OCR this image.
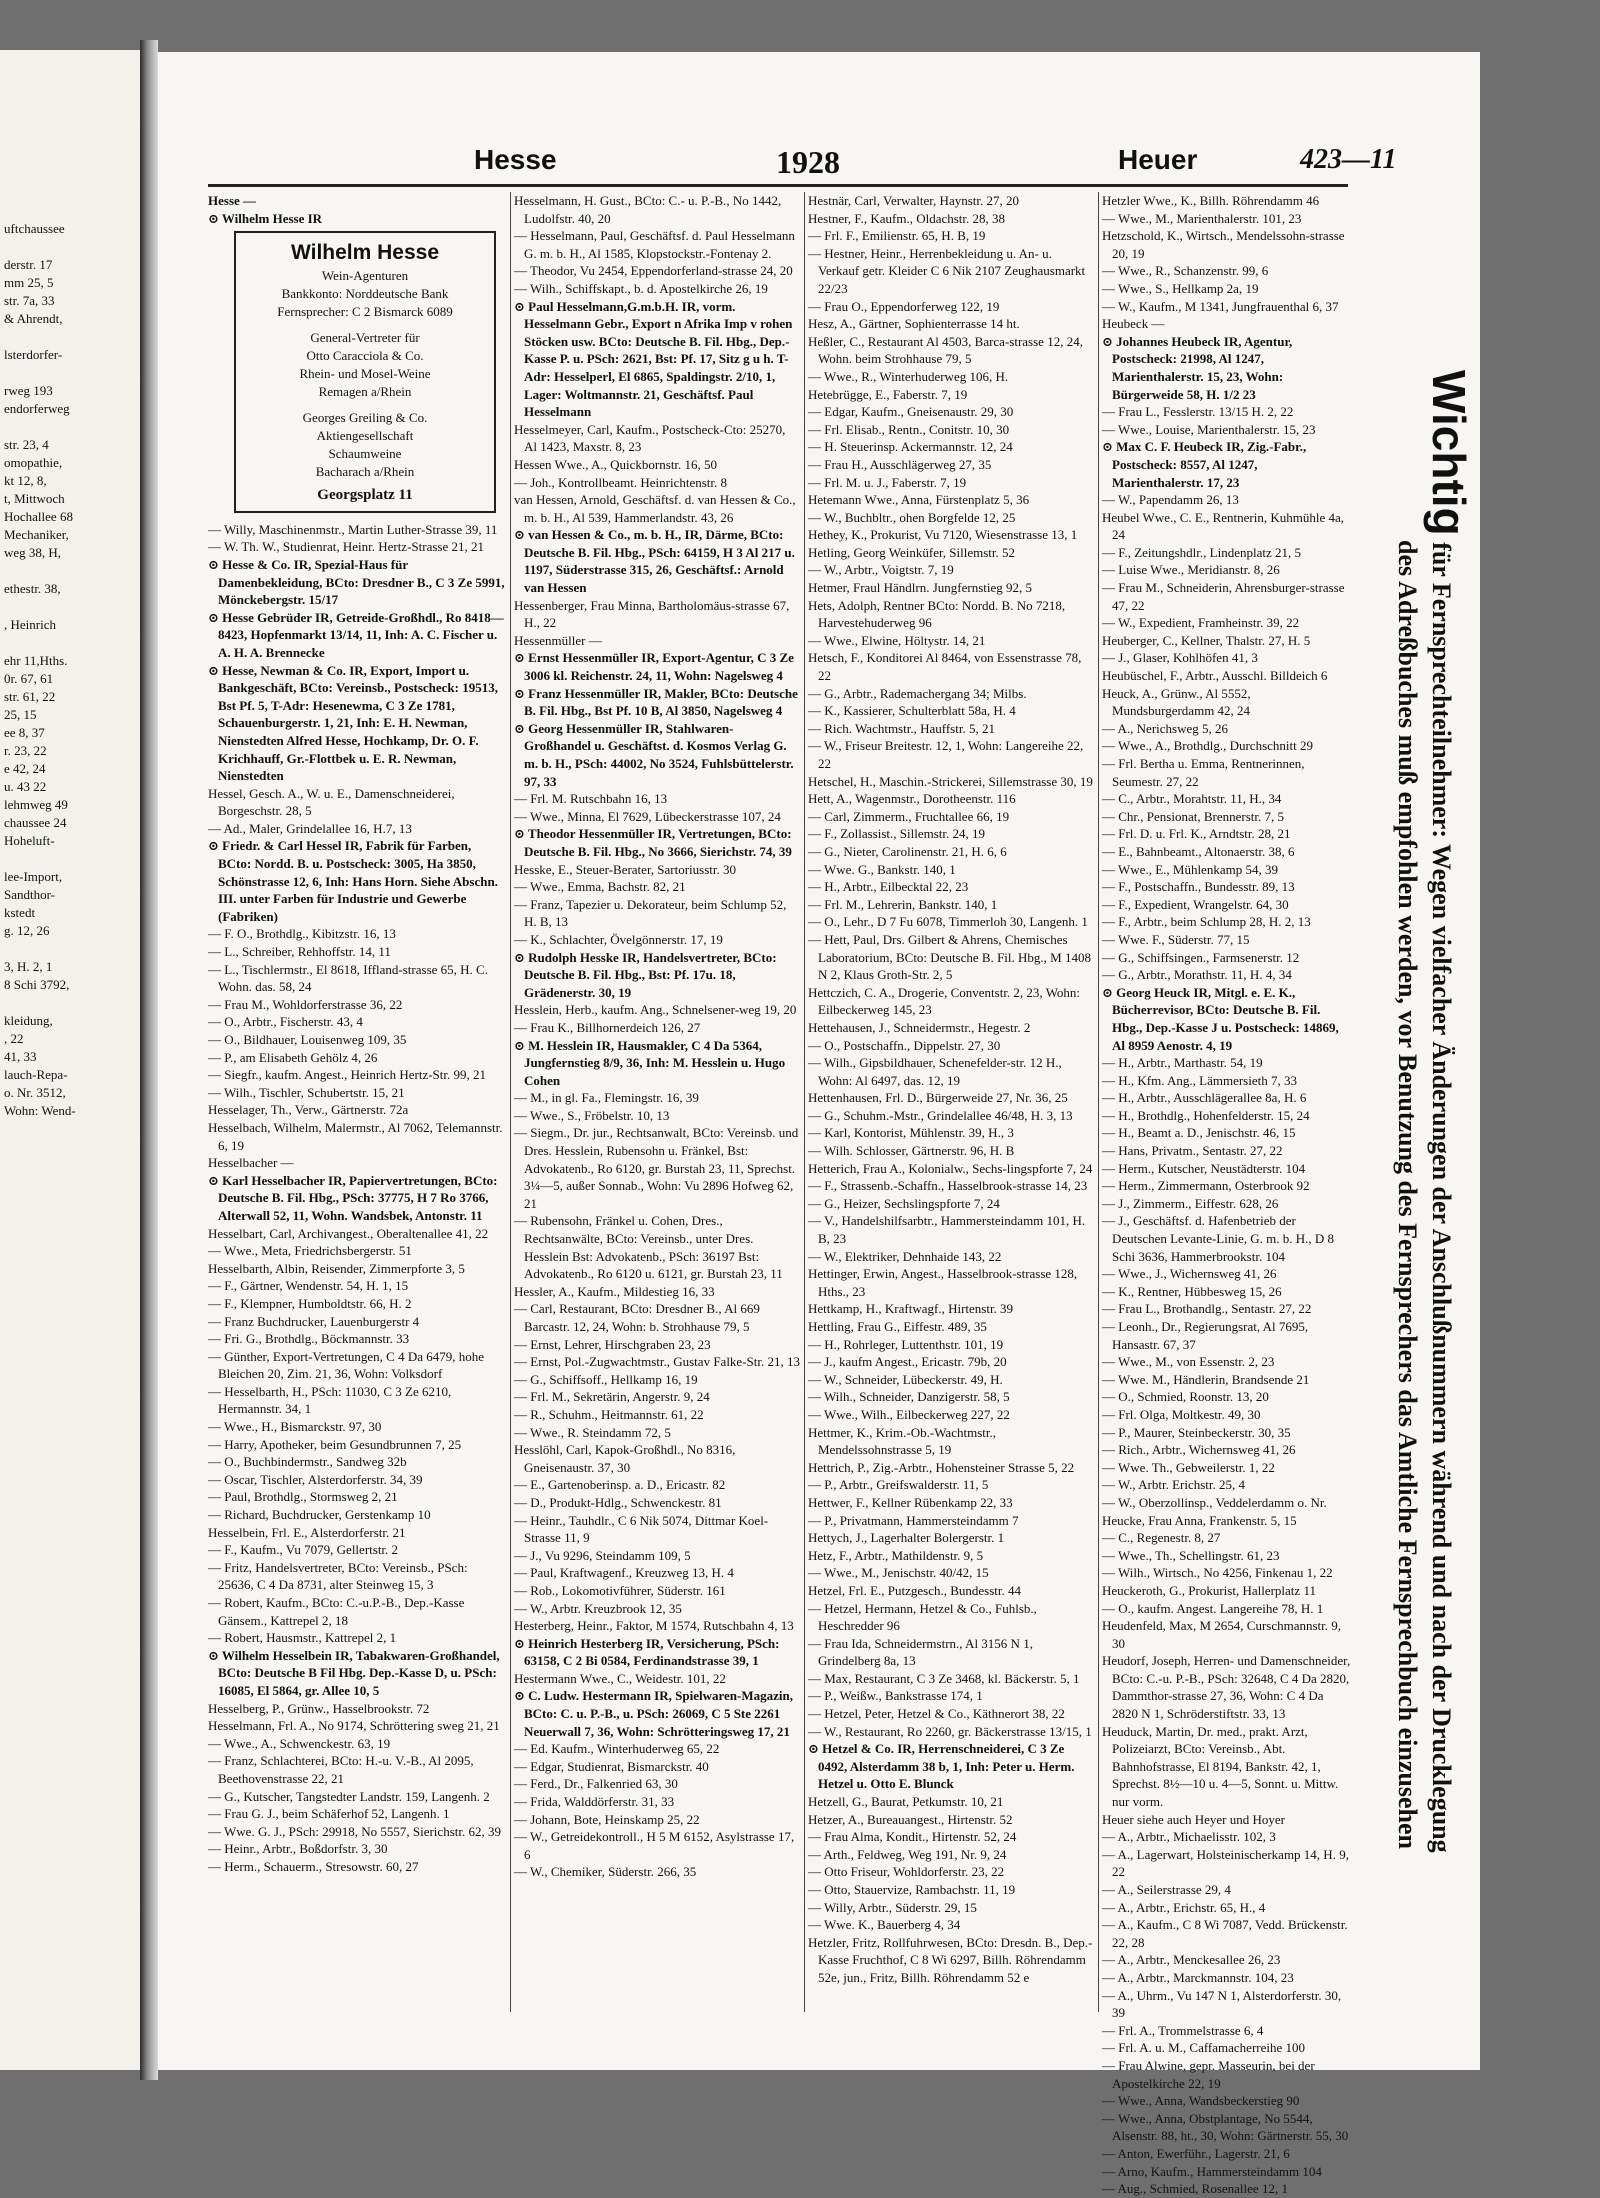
uftchaussee

derstr. 17
mm 25, 5
str. 7a, 33
& Ahrendt,

lsterdorfer-

rweg 193
endorferweg

str. 23, 4
omopathie,
kt 12, 8,
t, Mittwoch
Hochallee 68
Mechaniker,
weg 38, H,

ethestr. 38,

, Heinrich

ehr 11,Hths.
0r. 67, 61
str. 61, 22
25, 15
ee 8, 37
r. 23, 22
e 42, 24
u. 43 22
lehmweg 49
chaussee 24
Hoheluft-

lee-Import,
Sandthor-
kstedt
g. 12, 26

3, H. 2, 1
8 Schi 3792,

kleidung,
, 22
41, 33
lauch-Repa-
o. Nr. 3512,
Wohn: Wend-
Hesse	1928	Heuer	423—11

Hesse —

⊙ Wilhelm Hesse IR

Wilhelm Hesse
Wein-Agenturen
Bankkonto: Norddeutsche Bank
Fernsprecher: C 2 Bismarck 6089
General-Vertreter für
Otto Caracciola & Co.
Rhein- und Mosel-Weine
Remagen a/Rhein
Georges Greiling & Co.
Aktiengesellschaft
Schaumweine
Bacharach a/Rhein
Georgsplatz 11

— Willy, Maschinenmstr., Martin Luther-Strasse 39, 11

— W. Th. W., Studienrat, Heinr. Hertz-Strasse 21, 21

⊙ Hesse & Co. IR, Spezial-Haus für Damenbekleidung, BCto: Dresdner B., C 3 Ze 5991, Mönckebergstr. 15/17

⊙ Hesse Gebrüder IR, Getreide-Großhdl., Ro 8418—8423, Hopfenmarkt 13/14, 11, Inh: A. C. Fischer u. A. H. A. Brennecke

⊙ Hesse, Newman & Co. IR, Export, Import u. Bankgeschäft, BCto: Vereinsb., Postscheck: 19513, Bst Pf. 5, T-Adr: Hesenewma, C 3 Ze 1781, Schauenburgerstr. 1, 21, Inh: E. H. Newman, Nienstedten Alfred Hesse, Hochkamp, Dr. O. F. Krichhauff, Gr.-Flottbek u. E. R. Newman, Nienstedten

Hessel, Gesch. A., W. u. E., Damenschneiderei, Borgeschstr. 28, 5

— Ad., Maler, Grindelallee 16, H.7, 13

⊙ Friedr. & Carl Hessel IR, Fabrik für Farben, BCto: Nordd. B. u. Postscheck: 3005, Ha 3850, Schönstrasse 12, 6, Inh: Hans Horn. Siehe Abschn. III. unter Farben für Industrie und Gewerbe (Fabriken)

— F. O., Brothdlg., Kibitzstr. 16, 13

— L., Schreiber, Rehhoffstr. 14, 11

— L., Tischlermstr., El 8618, Iffland-strasse 65, H. C. Wohn. das. 58, 24

— Frau M., Wohldorferstrasse 36, 22

— O., Arbtr., Fischerstr. 43, 4

— O., Bildhauer, Louisenweg 109, 35

— P., am Elisabeth Gehölz 4, 26

— Siegfr., kaufm. Angest., Heinrich Hertz-Str. 99, 21

— Wilh., Tischler, Schubertstr. 15, 21

Hesselager, Th., Verw., Gärtnerstr. 72a

Hesselbach, Wilhelm, Malermstr., Al 7062, Telemannstr. 6, 19

Hesselbacher —

⊙ Karl Hesselbacher IR, Papiervertretungen, BCto: Deutsche B. Fil. Hbg., PSch: 37775, H 7 Ro 3766, Alterwall 52, 11, Wohn. Wandsbek, Antonstr. 11

Hesselbart, Carl, Archivangest., Oberaltenallee 41, 22

— Wwe., Meta, Friedrichsbergerstr. 51

Hesselbarth, Albin, Reisender, Zimmerpforte 3, 5

— F., Gärtner, Wendenstr. 54, H. 1, 15

— F., Klempner, Humboldtstr. 66, H. 2

— Franz Buchdrucker, Lauenburgerstr 4

— Fri. G., Brothdlg., Böckmannstr. 33

— Günther, Export-Vertretungen, C 4 Da 6479, hohe Bleichen 20, Zim. 21, 36, Wohn: Volksdorf

— Hesselbarth, H., PSch: 11030, C 3 Ze 6210, Hermannstr. 34, 1

— Wwe., H., Bismarckstr. 97, 30

— Harry, Apotheker, beim Gesundbrunnen 7, 25

— O., Buchbindermstr., Sandweg 32b

— Oscar, Tischler, Alsterdorferstr. 34, 39

— Paul, Brothdlg., Stormsweg 2, 21

— Richard, Buchdrucker, Gerstenkamp 10

Hesselbein, Frl. E., Alsterdorferstr. 21

— F., Kaufm., Vu 7079, Gellertstr. 2

— Fritz, Handelsvertreter, BCto: Vereinsb., PSch: 25636, C 4 Da 8731, alter Steinweg 15, 3

— Robert, Kaufm., BCto: C.-u.P.-B., Dep.-Kasse Gänsem., Kattrepel 2, 18

— Robert, Hausmstr., Kattrepel 2, 1

⊙ Wilhelm Hesselbein IR, Tabakwaren-Großhandel, BCto: Deutsche B Fil Hbg. Dep.-Kasse D, u. PSch: 16085, El 5864, gr. Allee 10, 5

Hesselberg, P., Grünw., Hasselbrookstr. 72

Hesselmann, Frl. A., No 9174, Schröttering sweg 21, 21

— Wwe., A., Schwenckestr. 63, 19

— Franz, Schlachterei, BCto: H.-u. V.-B., Al 2095, Beethovenstrasse 22, 21

— G., Kutscher, Tangstedter Landstr. 159, Langenh. 2

— Frau G. J., beim Schäferhof 52, Langenh. 1

— Wwe. G. J., PSch: 29918, No 5557, Sierichstr. 62, 39

— Heinr., Arbtr., Boßdorfstr. 3, 30

— Herm., Schauerm., Stresowstr. 60, 27

Hesselmann, H. Gust., BCto: C.- u. P.-B., No 1442, Ludolfstr. 40, 20

— Hesselmann, Paul, Geschäftsf. d. Paul Hesselmann G. m. b. H., Al 1585, Klopstockstr.-Fontenay 2.

— Theodor, Vu 2454, Eppendorferland-strasse 24, 20

— Wilh., Schiffskapt., b. d. Apostelkirche 26, 19

⊙ Paul Hesselmann,G.m.b.H. IR, vorm. Hesselmann Gebr., Export n Afrika Imp v rohen Stöcken usw. BCto: Deutsche B. Fil. Hbg., Dep.-Kasse P. u. PSch: 2621, Bst: Pf. 17, Sitz g u h. T-Adr: Hesselperl, El 6865, Spaldingstr. 2/10, 1, Lager: Woltmannstr. 21, Geschäftsf. Paul Hesselmann

Hesselmeyer, Carl, Kaufm., Postscheck-Cto: 25270, Al 1423, Maxstr. 8, 23

Hessen Wwe., A., Quickbornstr. 16, 50

— Joh., Kontrollbeamt. Heinrichtenstr. 8

van Hessen, Arnold, Geschäftsf. d. van Hessen & Co., m. b. H., Al 539, Hammerlandstr. 43, 26

⊙ van Hessen & Co., m. b. H., IR, Därme, BCto: Deutsche B. Fil. Hbg., PSch: 64159, H 3 Al 217 u. 1197, Süderstrasse 315, 26, Geschäftsf.: Arnold van Hessen

Hessenberger, Frau Minna, Bartholomäus-strasse 67, H., 22

Hessenmüller —

⊙ Ernst Hessenmüller IR, Export-Agentur, C 3 Ze 3006 kl. Reichenstr. 24, 11, Wohn: Nagelsweg 4

⊙ Franz Hessenmüller IR, Makler, BCto: Deutsche B. Fil. Hbg., Bst Pf. 10 B, Al 3850, Nagelsweg 4

⊙ Georg Hessenmüller IR, Stahlwaren-Großhandel u. Geschäftst. d. Kosmos Verlag G. m. b. H., PSch: 44002, No 3524, Fuhlsbüttelerstr. 97, 33

— Frl. M. Rutschbahn 16, 13

— Wwe., Minna, El 7629, Lübeckerstrasse 107, 24

⊙ Theodor Hessenmüller IR, Vertretungen, BCto: Deutsche B. Fil. Hbg., No 3666, Sierichstr. 74, 39

Hesske, E., Steuer-Berater, Sartoriusstr. 30

— Wwe., Emma, Bachstr. 82, 21

— Franz, Tapezier u. Dekorateur, beim Schlump 52, H. B, 13

— K., Schlachter, Övelgönnerstr. 17, 19

⊙ Rudolph Hesske IR, Handelsvertreter, BCto: Deutsche B. Fil. Hbg., Bst: Pf. 17u. 18, Grädenerstr. 30, 19

Hesslein, Herb., kaufm. Ang., Schnelsener-weg 19, 20

— Frau K., Billhornerdeich 126, 27

⊙ M. Hesslein IR, Hausmakler, C 4 Da 5364, Jungfernstieg 8/9, 36, Inh: M. Hesslein u. Hugo Cohen

— M., in gl. Fa., Flemingstr. 16, 39

— Wwe., S., Fröbelstr. 10, 13

— Siegm., Dr. jur., Rechtsanwalt, BCto: Vereinsb. und Dres. Hesslein, Rubensohn u. Fränkel, Bst: Advokatenb., Ro 6120, gr. Burstah 23, 11, Sprechst. 3¼—5, außer Sonnab., Wohn: Vu 2896 Hofweg 62, 21

— Rubensohn, Fränkel u. Cohen, Dres., Rechtsanwälte, BCto: Vereinsb., unter Dres. Hesslein Bst: Advokatenb., PSch: 36197 Bst: Advokatenb., Ro 6120 u. 6121, gr. Burstah 23, 11

Hessler, A., Kaufm., Mildestieg 16, 33

— Carl, Restaurant, BCto: Dresdner B., Al 669 Barcastr. 12, 24, Wohn: b. Strohhause 79, 5

— Ernst, Lehrer, Hirschgraben 23, 23

— Ernst, Pol.-Zugwachtmstr., Gustav Falke-Str. 21, 13

— G., Schiffsoff., Hellkamp 16, 19

— Frl. M., Sekretärin, Angerstr. 9, 24

— R., Schuhm., Heitmannstr. 61, 22

— Wwe., R. Steindamm 72, 5

Hesslöhl, Carl, Kapok-Großhdl., No 8316, Gneisenaustr. 37, 30

— E., Gartenoberinsp. a. D., Ericastr. 82

— D., Produkt-Hdlg., Schwenckestr. 81

— Heinr., Tauhdlr., C 6 Nik 5074, Dittmar Koel-Strasse 11, 9

— J., Vu 9296, Steindamm 109, 5

— Paul, Kraftwagenf., Kreuzweg 13, H. 4

— Rob., Lokomotivführer, Süderstr. 161

— W., Arbtr. Kreuzbrook 12, 35

Hesterberg, Heinr., Faktor, M 1574, Rutschbahn 4, 13

⊙ Heinrich Hesterberg IR, Versicherung, PSch: 63158, C 2 Bi 0584, Ferdinandstrasse 39, 1

Hestermann Wwe., C., Weidestr. 101, 22

⊙ C. Ludw. Hestermann IR, Spielwaren-Magazin, BCto: C. u. P.-B., u. PSch: 26069, C 5 Ste 2261 Neuerwall 7, 36, Wohn: Schrötteringsweg 17, 21

— Ed. Kaufm., Winterhuderweg 65, 22

— Edgar, Studienrat, Bismarckstr. 40

— Ferd., Dr., Falkenried 63, 30

— Frida, Walddörferstr. 31, 33

— Johann, Bote, Heinskamp 25, 22

— W., Getreidekontroll., H 5 M 6152, Asylstrasse 17, 6

— W., Chemiker, Süderstr. 266, 35

Hestnär, Carl, Verwalter, Haynstr. 27, 20

Hestner, F., Kaufm., Oldachstr. 28, 38

— Frl. F., Emilienstr. 65, H. B, 19

— Hestner, Heinr., Herrenbekleidung u. An- u. Verkauf getr. Kleider C 6 Nik 2107 Zeughausmarkt 22/23

— Frau O., Eppendorferweg 122, 19

Hesz, A., Gärtner, Sophienterrasse 14 ht.

Heßler, C., Restaurant Al 4503, Barca-strasse 12, 24, Wohn. beim Strohhause 79, 5

— Wwe., R., Winterhuderweg 106, H.

Hetebrügge, E., Faberstr. 7, 19

— Edgar, Kaufm., Gneisenaustr. 29, 30

— Frl. Elisab., Rentn., Conitstr. 10, 30

— H. Steuerinsp. Ackermannstr. 12, 24

— Frau H., Ausschlägerweg 27, 35

— Frl. M. u. J., Faberstr. 7, 19

Hetemann Wwe., Anna, Fürstenplatz 5, 36

— W., Buchbltr., ohen Borgfelde 12, 25

Hethey, K., Prokurist, Vu 7120, Wiesenstrasse 13, 1

Hetling, Georg Weinküfer, Sillemstr. 52

— W., Arbtr., Voigtstr. 7, 19

Hetmer, Fraul Händlrn. Jungfernstieg 92, 5

Hets, Adolph, Rentner BCto: Nordd. B. No 7218, Harvestehuderweg 96

— Wwe., Elwine, Höltystr. 14, 21

Hetsch, F., Konditorei Al 8464, von Essenstrasse 78, 22

— G., Arbtr., Rademachergang 34; Milbs.

— K., Kassierer, Schulterblatt 58a, H. 4

— Rich. Wachtmstr., Hauffstr. 5, 21

— W., Friseur Breitestr. 12, 1, Wohn: Langereihe 22, 22

Hetschel, H., Maschin.-Strickerei, Sillemstrasse 30, 19

Hett, A., Wagenmstr., Dorotheenstr. 116

— Carl, Zimmerm., Fruchtallee 66, 19

— F., Zollassist., Sillemstr. 24, 19

— G., Nieter, Carolinenstr. 21, H. 6, 6

— Wwe. G., Bankstr. 140, 1

— H., Arbtr., Eilbecktal 22, 23

— Frl. M., Lehrerin, Bankstr. 140, 1

— O., Lehr., D 7 Fu 6078, Timmerloh 30, Langenh. 1

— Hett, Paul, Drs. Gilbert & Ahrens, Chemisches Laboratorium, BCto: Deutsche B. Fil. Hbg., M 1408 N 2, Klaus Groth-Str. 2, 5

Hettczich, C. A., Drogerie, Conventstr. 2, 23, Wohn: Eilbeckerweg 145, 23

Hettehausen, J., Schneidermstr., Hegestr. 2

— O., Postschaffn., Dippelstr. 27, 30

— Wilh., Gipsbildhauer, Schenefelder-str. 12 H., Wohn: Al 6497, das. 12, 19

Hettenhausen, Frl. D., Bürgerweide 27, Nr. 36, 25

— G., Schuhm.-Mstr., Grindelallee 46/48, H. 3, 13

— Karl, Kontorist, Mühlenstr. 39, H., 3

— Wilh. Schlosser, Gärtnerstr. 96, H. B

Hetterich, Frau A., Kolonialw., Sechs-lingspforte 7, 24

— F., Strassenb.-Schaffn., Hasselbrook-strasse 14, 23

— G., Heizer, Sechslingspforte 7, 24

— V., Handelshilfsarbtr., Hammersteindamm 101, H. B, 23

— W., Elektriker, Dehnhaide 143, 22

Hettinger, Erwin, Angest., Hasselbrook-strasse 128, Hths., 23

Hettkamp, H., Kraftwagf., Hirtenstr. 39

Hettling, Frau G., Eiffestr. 489, 35

— H., Rohrleger, Luttenthstr. 101, 19

— J., kaufm Angest., Ericastr. 79b, 20

— W., Schneider, Lübeckerstr. 49, H.

— Wilh., Schneider, Danzigerstr. 58, 5

— Wwe., Wilh., Eilbeckerweg 227, 22

Hettmer, K., Krim.-Ob.-Wachtmstr., Mendelssohnstrasse 5, 19

Hettrich, P., Zig.-Arbtr., Hohensteiner Strasse 5, 22

— P., Arbtr., Greifswalderstr. 11, 5

Hettwer, F., Kellner Rübenkamp 22, 33

— P., Privatmann, Hammersteindamm 7

Hettych, J., Lagerhalter Bolergerstr. 1

Hetz, F., Arbtr., Mathildenstr. 9, 5

— Wwe., M., Jenischstr. 40/42, 15

Hetzel, Frl. E., Putzgesch., Bundesstr. 44

— Hetzel, Hermann, Hetzel & Co., Fuhlsb., Heschredder 96

— Frau Ida, Schneidermstrn., Al 3156 N 1, Grindelberg 8a, 13

— Max, Restaurant, C 3 Ze 3468, kl. Bäckerstr. 5, 1

— P., Weißw., Bankstrasse 174, 1

— Hetzel, Peter, Hetzel & Co., Käthnerort 38, 22

— W., Restaurant, Ro 2260, gr. Bäckerstrasse 13/15, 1

⊙ Hetzel & Co. IR, Herrenschneiderei, C 3 Ze 0492, Alsterdamm 38 b, 1, Inh: Peter u. Herm. Hetzel u. Otto E. Blunck

Hetzell, G., Baurat, Petkumstr. 10, 21

Hetzer, A., Bureauangest., Hirtenstr. 52

— Frau Alma, Kondit., Hirtenstr. 52, 24

— Arth., Feldweg, Weg 191, Nr. 9, 24

— Otto Friseur, Wohldorferstr. 23, 22

— Otto, Stauervize, Rambachstr. 11, 19

— Willy, Arbtr., Süderstr. 29, 15

— Wwe. K., Bauerberg 4, 34

Hetzler, Fritz, Rollfuhrwesen, BCto: Dresdn. B., Dep.-Kasse Fruchthof, C 8 Wi 6297, Billh. Röhrendamm 52e, jun., Fritz, Billh. Röhrendamm 52 e

Hetzler Wwe., K., Billh. Röhrendamm 46

— Wwe., M., Marienthalerstr. 101, 23

Hetzschold, K., Wirtsch., Mendelssohn-strasse 20, 19

— Wwe., R., Schanzenstr. 99, 6

— Wwe., S., Hellkamp 2a, 19

— W., Kaufm., M 1341, Jungfrauenthal 6, 37

Heubeck —

⊙ Johannes Heubeck IR, Agentur, Postscheck: 21998, Al 1247, Marienthalerstr. 15, 23, Wohn: Bürgerweide 58, H. 1/2 23

— Frau L., Fesslerstr. 13/15 H. 2, 22

— Wwe., Louise, Marienthalerstr. 15, 23

⊙ Max C. F. Heubeck IR, Zig.-Fabr., Postscheck: 8557, Al 1247, Marienthalerstr. 17, 23

— W., Papendamm 26, 13

Heubel Wwe., C. E., Rentnerin, Kuhmühle 4a, 24

— F., Zeitungshdlr., Lindenplatz 21, 5

— Luise Wwe., Meridianstr. 8, 26

— Frau M., Schneiderin, Ahrensburger-strasse 47, 22

— W., Expedient, Framheinstr. 39, 22

Heuberger, C., Kellner, Thalstr. 27, H. 5

— J., Glaser, Kohlhöfen 41, 3

Heubüschel, F., Arbtr., Ausschl. Billdeich 6

Heuck, A., Grünw., Al 5552, Mundsburgerdamm 42, 24

— A., Nerichsweg 5, 26

— Wwe., A., Brothdlg., Durchschnitt 29

— Frl. Bertha u. Emma, Rentnerinnen, Seumestr. 27, 22

— C., Arbtr., Morahtstr. 11, H., 34

— Chr., Pensionat, Brennerstr. 7, 5

— Frl. D. u. Frl. K., Arndtstr. 28, 21

— E., Bahnbeamt., Altonaerstr. 38, 6

— Wwe., E., Mühlenkamp 54, 39

— F., Postschaffn., Bundesstr. 89, 13

— F., Expedient, Wrangelstr. 64, 30

— F., Arbtr., beim Schlump 28, H. 2, 13

— Wwe. F., Süderstr. 77, 15

— G., Schiffsingen., Farmsenerstr. 12

— G., Arbtr., Morathstr. 11, H. 4, 34

⊙ Georg Heuck IR, Mitgl. e. E. K., Bücherrevisor, BCto: Deutsche B. Fil. Hbg., Dep.-Kasse J u. Postscheck: 14869, Al 8959 Aenostr. 4, 19

— H., Arbtr., Marthastr. 54, 19

— H., Kfm. Ang., Lämmersieth 7, 33

— H., Arbtr., Ausschlägerallee 8a, H. 6

— H., Brothdlg., Hohenfelderstr. 15, 24

— H., Beamt a. D., Jenischstr. 46, 15

— Hans, Privatm., Sentastr. 27, 22

— Herm., Kutscher, Neustädterstr. 104

— Herm., Zimmermann, Osterbrook 92

— J., Zimmerm., Eiffestr. 628, 26

— J., Geschäftsf. d. Hafenbetrieb der Deutschen Levante-Linie, G. m. b. H., D 8 Schi 3636, Hammerbrookstr. 104

— Wwe., J., Wichernsweg 41, 26

— K., Rentner, Hübbesweg 15, 26

— Frau L., Brothandlg., Sentastr. 27, 22

— Leonh., Dr., Regierungsrat, Al 7695, Hansastr. 67, 37

— Wwe., M., von Essenstr. 2, 23

— Wwe. M., Händlerin, Brandsende 21

— O., Schmied, Roonstr. 13, 20

— Frl. Olga, Moltkestr. 49, 30

— P., Maurer, Steinbeckerstr. 30, 35

— Rich., Arbtr., Wichernsweg 41, 26

— Wwe. Th., Gebweilerstr. 1, 22

— W., Arbtr. Erichstr. 25, 4

— W., Oberzollinsp., Veddelerdamm o. Nr.

Heucke, Frau Anna, Frankenstr. 5, 15

— C., Regenestr. 8, 27

— Wwe., Th., Schellingstr. 61, 23

— Wilh., Wirtsch., No 4256, Finkenau 1, 22

Heuckeroth, G., Prokurist, Hallerplatz 11

— O., kaufm. Angest. Langereihe 78, H. 1

Heudenfeld, Max, M 2654, Curschmannstr. 9, 30

Heudorf, Joseph, Herren- und Damenschneider, BCto: C.-u. P.-B., PSch: 32648, C 4 Da 2820, Dammthor-strasse 27, 36, Wohn: C 4 Da 2820 N 1, Schröderstiftstr. 33, 13

Heuduck, Martin, Dr. med., prakt. Arzt, Polizeiarzt, BCto: Vereinsb., Abt. Bahnhofstrasse, El 8194, Bankstr. 42, 1, Sprechst. 8½—10 u. 4—5, Sonnt. u. Mittw. nur vorm.

Heuer siehe auch Heyer und Hoyer

— A., Arbtr., Michaelisstr. 102, 3

— A., Lagerwart, Holsteinischerkamp 14, H. 9, 22

— A., Seilerstrasse 29, 4

— A., Arbtr., Erichstr. 65, H., 4

— A., Kaufm., C 8 Wi 7087, Vedd. Brückenstr. 22, 28

— A., Arbtr., Menckesallee 26, 23

— A., Arbtr., Marckmannstr. 104, 23

— A., Uhrm., Vu 147 N 1, Alsterdorferstr. 30, 39

— Frl. A., Trommelstrasse 6, 4

— Frl. A. u. M., Caffamacherreihe 100

— Frau Alwine, gepr. Masseurin, bei der Apostelkirche 22, 19

— Wwe., Anna, Wandsbeckerstieg 90

— Wwe., Anna, Obstplantage, No 5544, Alsenstr. 88, ht., 30, Wohn: Gärtnerstr. 55, 30

— Anton, Ewerführ., Lagerstr. 21, 6

— Arno, Kaufm., Hammersteindamm 104

— Aug., Schmied, Rosenallee 12, 1

Wichtig für Fernsprechteilnehmer: Wegen vielfacher Änderungen der Anschlußnummern während und nach der Drucklegung
des Adreßbuches muß empfohlen werden, vor Benutzung des Fernsprechers das Amtliche Fernsprechbuch einzusehen
